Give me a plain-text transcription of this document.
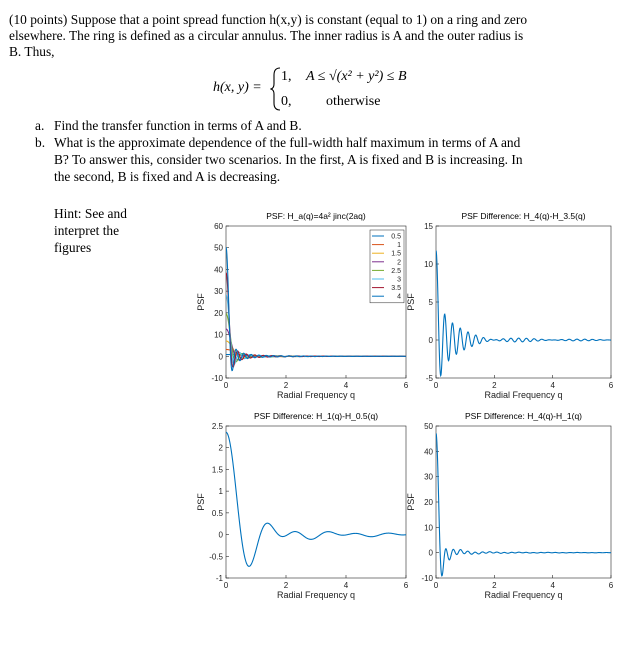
(10 points) Suppose that a point spread function h(x,y) is constant (equal to 1) on a ring and zero
elsewhere. The ring is defined as a circular annulus. The inner radius is A and the outer radius is
B. Thus,
h(x, y) =
1, A ≤ √(x² + y²) ≤ B
0, otherwise
a. Find the transfer function in terms of A and B.
b. What is the approximate dependence of the full-width half maximum in terms of A and
B? To answer this, consider two scenarios. In the first, A is fixed and B is increasing. In
the second, B is fixed and A is decreasing.
Hint: See and
interpret the
figures
PSF: H_a(q)=4a² jinc(2aq)
60
50
40
30
20
10
0
-10
0	2	4	6
Radial Frequency q
PSF
0.5
1
1.5
2
2.5
3
3.5
4
PSF Difference: H_4(q)-H_3.5(q)
15
10
5
0
-5
0	2	4	6
Radial Frequency q
PSF
PSF Difference: H_1(q)-H_0.5(q)
2.5
2
1.5
1
0.5
0
-0.5
-1
0	2	4	6
Radial Frequency q
PSF
PSF Difference: H_4(q)-H_1(q)
50
40
30
20
10
0
-10
0	2	4	6
Radial Frequency q
PSF
